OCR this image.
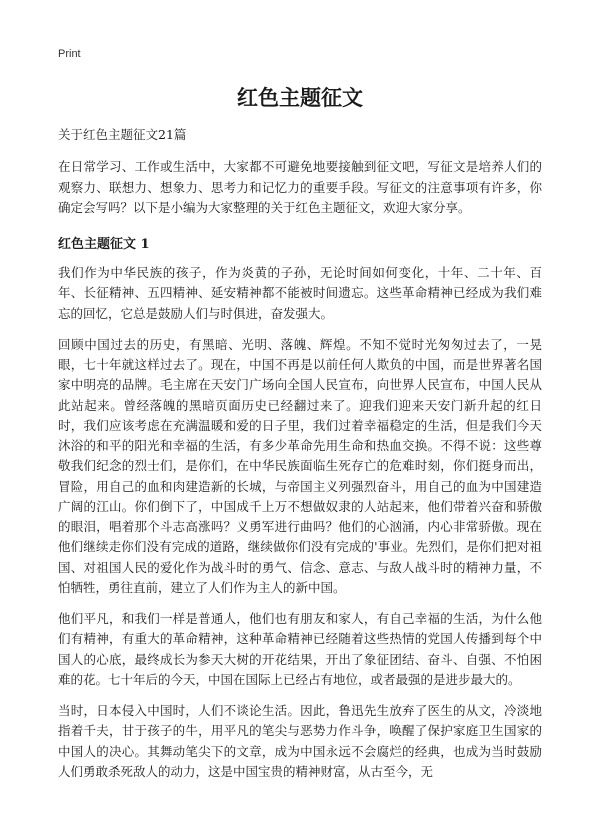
Print
红色主题征文
关于红色主题征文21篇

在日常学习、工作或生活中，大家都不可避免地要接触到征文吧，写征文是培养人们的观察力、联想力、想象力、思考力和记忆力的重要手段。写征文的注意事项有许多，你确定会写吗？以下是小编为大家整理的关于红色主题征文，欢迎大家分享。

红色主题征文 1

我们作为中华民族的孩子，作为炎黄的子孙，无论时间如何变化，十年、二十年、百年、长征精神、五四精神、延安精神都不能被时间遗忘。这些革命精神已经成为我们难忘的回忆，它总是鼓励人们与时俱进，奋发强大。

回顾中国过去的历史，有黑暗、光明、落魄、辉煌。不知不觉时光匆匆过去了，一晃眼，七十年就这样过去了。现在，中国不再是以前任何人欺负的中国，而是世界著名国家中明亮的品牌。毛主席在天安门广场向全国人民宣布，向世界人民宣布，中国人民从此站起来。曾经落魄的黑暗页面历史已经翻过来了。迎我们迎来天安门新升起的红日时，我们应该考虑在充满温暖和爱的日子里，我们过着幸福稳定的生活，但是我们今天沐浴的和平的阳光和幸福的生活，有多少革命先用生命和热血交换。不得不说：这些尊敬我们纪念的烈士们，是你们，在中华民族面临生死存亡的危难时刻，你们挺身而出，冒险，用自己的血和肉建造新的长城，与帝国主义列强烈奋斗，用自己的血为中国建造广阔的江山。你们倒下了，中国成千上万不想做奴隶的人站起来，他们带着兴奋和骄傲的眼泪，唱着那个斗志高涨吗？义勇军进行曲吗？他们的心汹涌，内心非常骄傲。现在他们继续走你们没有完成的道路，继续做你们没有完成的'事业。先烈们，是你们把对祖国、对祖国人民的爱化作为战斗时的勇气、信念、意志、与敌人战斗时的精神力量，不怕牺牲，勇往直前，建立了人们作为主人的新中国。

他们平凡，和我们一样是普通人，他们也有朋友和家人，有自己幸福的生活，为什么他们有精神，有重大的革命精神，这种革命精神已经随着这些热情的党国人传播到每个中国人的心底，最终成长为参天大树的开花结果，开出了象征团结、奋斗、自强、不怕困难的花。七十年后的今天，中国在国际上已经占有地位，或者最强的是进步最大的。

当时，日本侵入中国时，人们不谈论生活。因此，鲁迅先生放弃了医生的从文，冷淡地指着千夫，甘于孩子的牛，用平凡的笔尖与恶势力作斗争，唤醒了保护家庭卫生国家的中国人的决心。其舞动笔尖下的文章，成为中国永远不会腐烂的经典，也成为当时鼓励人们勇敢杀死敌人的动力，这是中国宝贵的精神财富，从古至今，无
